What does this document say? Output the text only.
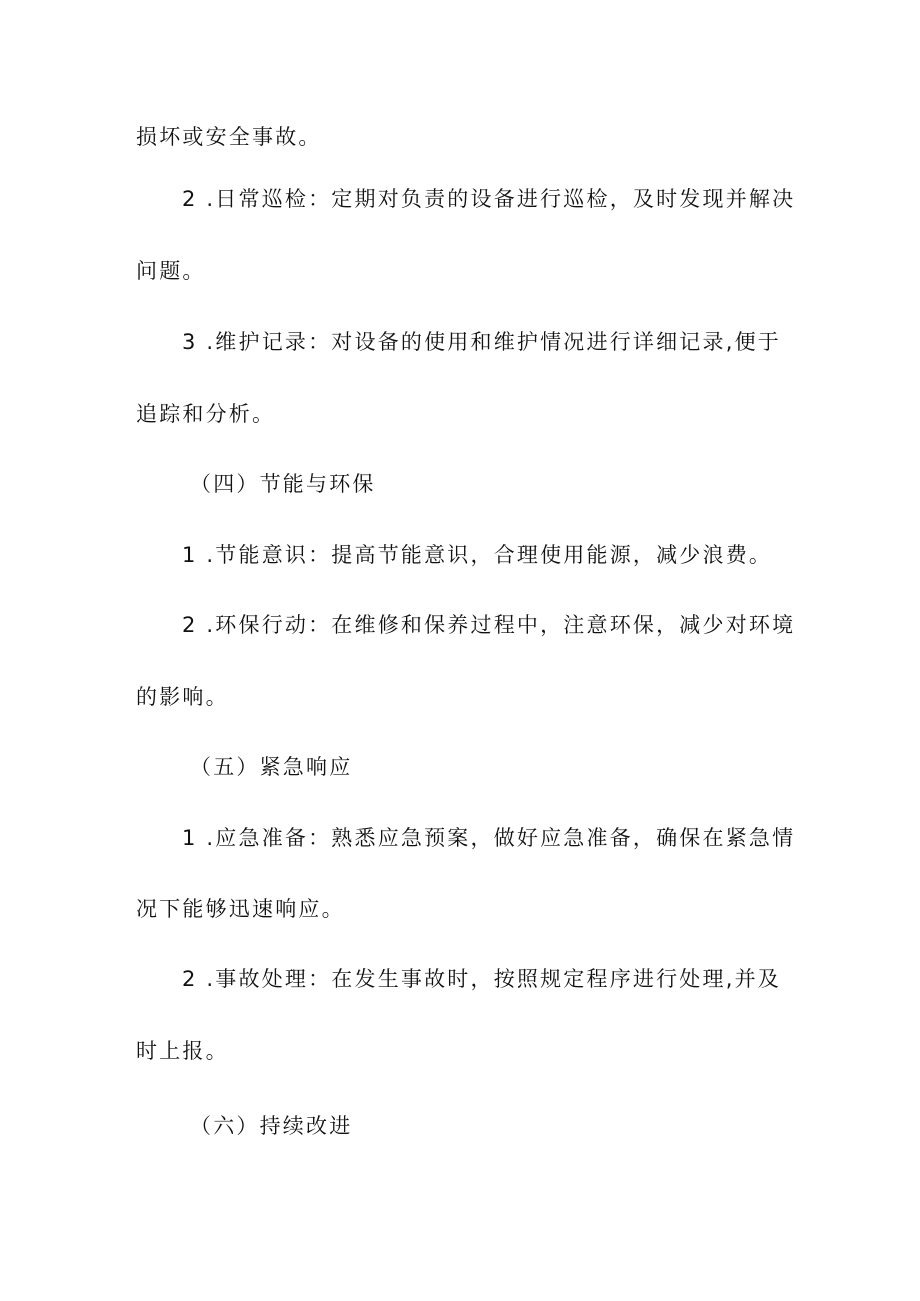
损坏或安全事故。
2 .日常巡检：定期对负责的设备进行巡检，及时发现并解决
问题。
3 .维护记录：对设备的使用和维护情况进行详细记录,便于
追踪和分析。
（四）节能与环保
1 .节能意识：提高节能意识，合理使用能源，减少浪费。
2 .环保行动：在维修和保养过程中，注意环保，减少对环境
的影响。
（五）紧急响应
1 .应急准备：熟悉应急预案，做好应急准备，确保在紧急情
况下能够迅速响应。
2 .事故处理：在发生事故时，按照规定程序进行处理,并及
时上报。
（六）持续改进
